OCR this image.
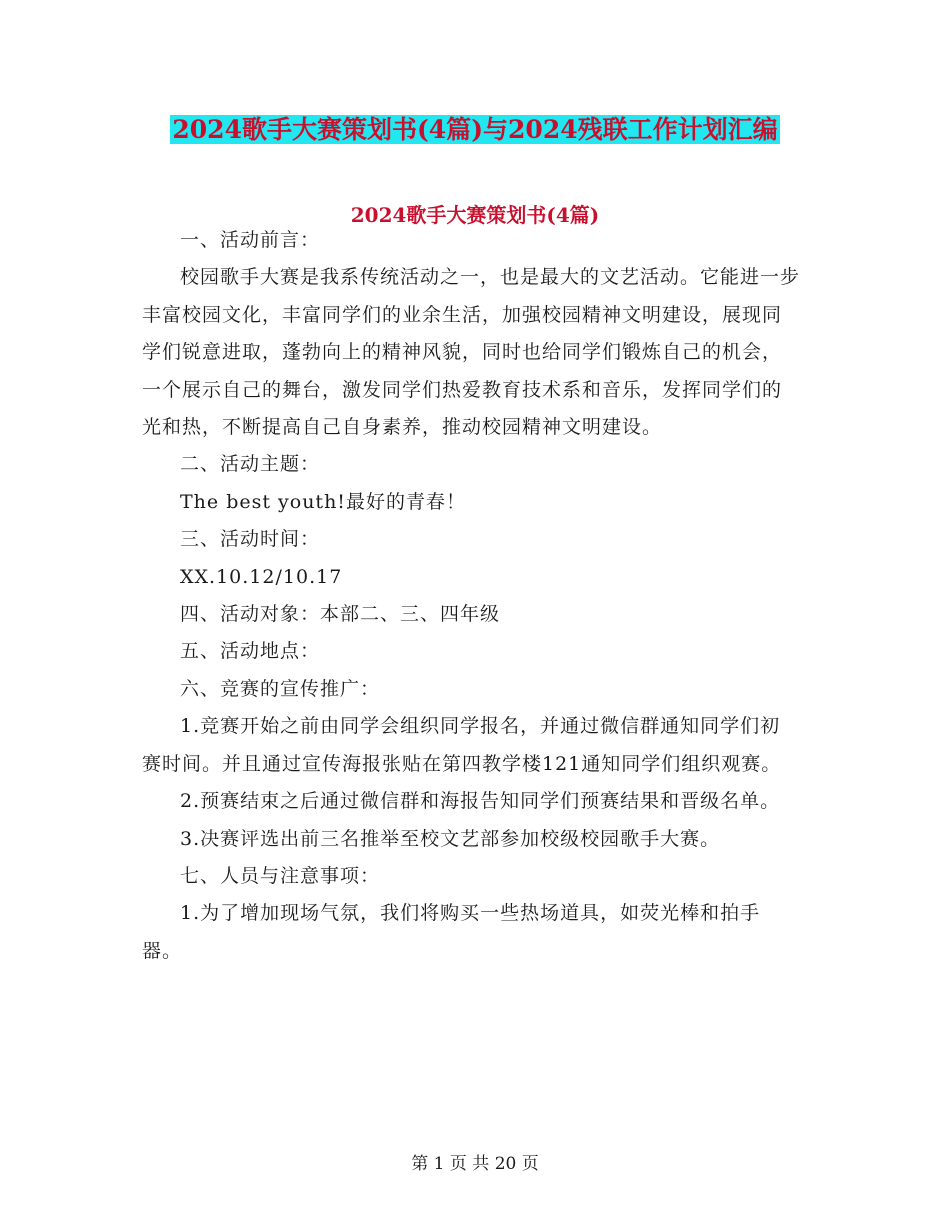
2024歌手大赛策划书(4篇)与2024残联工作计划汇编
2024歌手大赛策划书(4篇)

一、活动前言：

校园歌手大赛是我系传统活动之一，也是最大的文艺活动。它能进一步丰富校园文化，丰富同学们的业余生活，加强校园精神文明建设，展现同学们锐意进取，蓬勃向上的精神风貌，同时也给同学们锻炼自己的机会，一个展示自己的舞台，激发同学们热爱教育技术系和音乐，发挥同学们的光和热，不断提高自己自身素养，推动校园精神文明建设。

二、活动主题：

The best youth!最好的青春！

三、活动时间：

XX.10.12/10.17

四、活动对象：本部二、三、四年级

五、活动地点：

六、竞赛的宣传推广：

1.竞赛开始之前由同学会组织同学报名，并通过微信群通知同学们初赛时间。并且通过宣传海报张贴在第四教学楼121通知同学们组织观赛。

2.预赛结束之后通过微信群和海报告知同学们预赛结果和晋级名单。

3.决赛评选出前三名推举至校文艺部参加校级校园歌手大赛。

七、人员与注意事项：

1.为了增加现场气氛，我们将购买一些热场道具，如荧光棒和拍手器。

第 1 页 共 20 页
